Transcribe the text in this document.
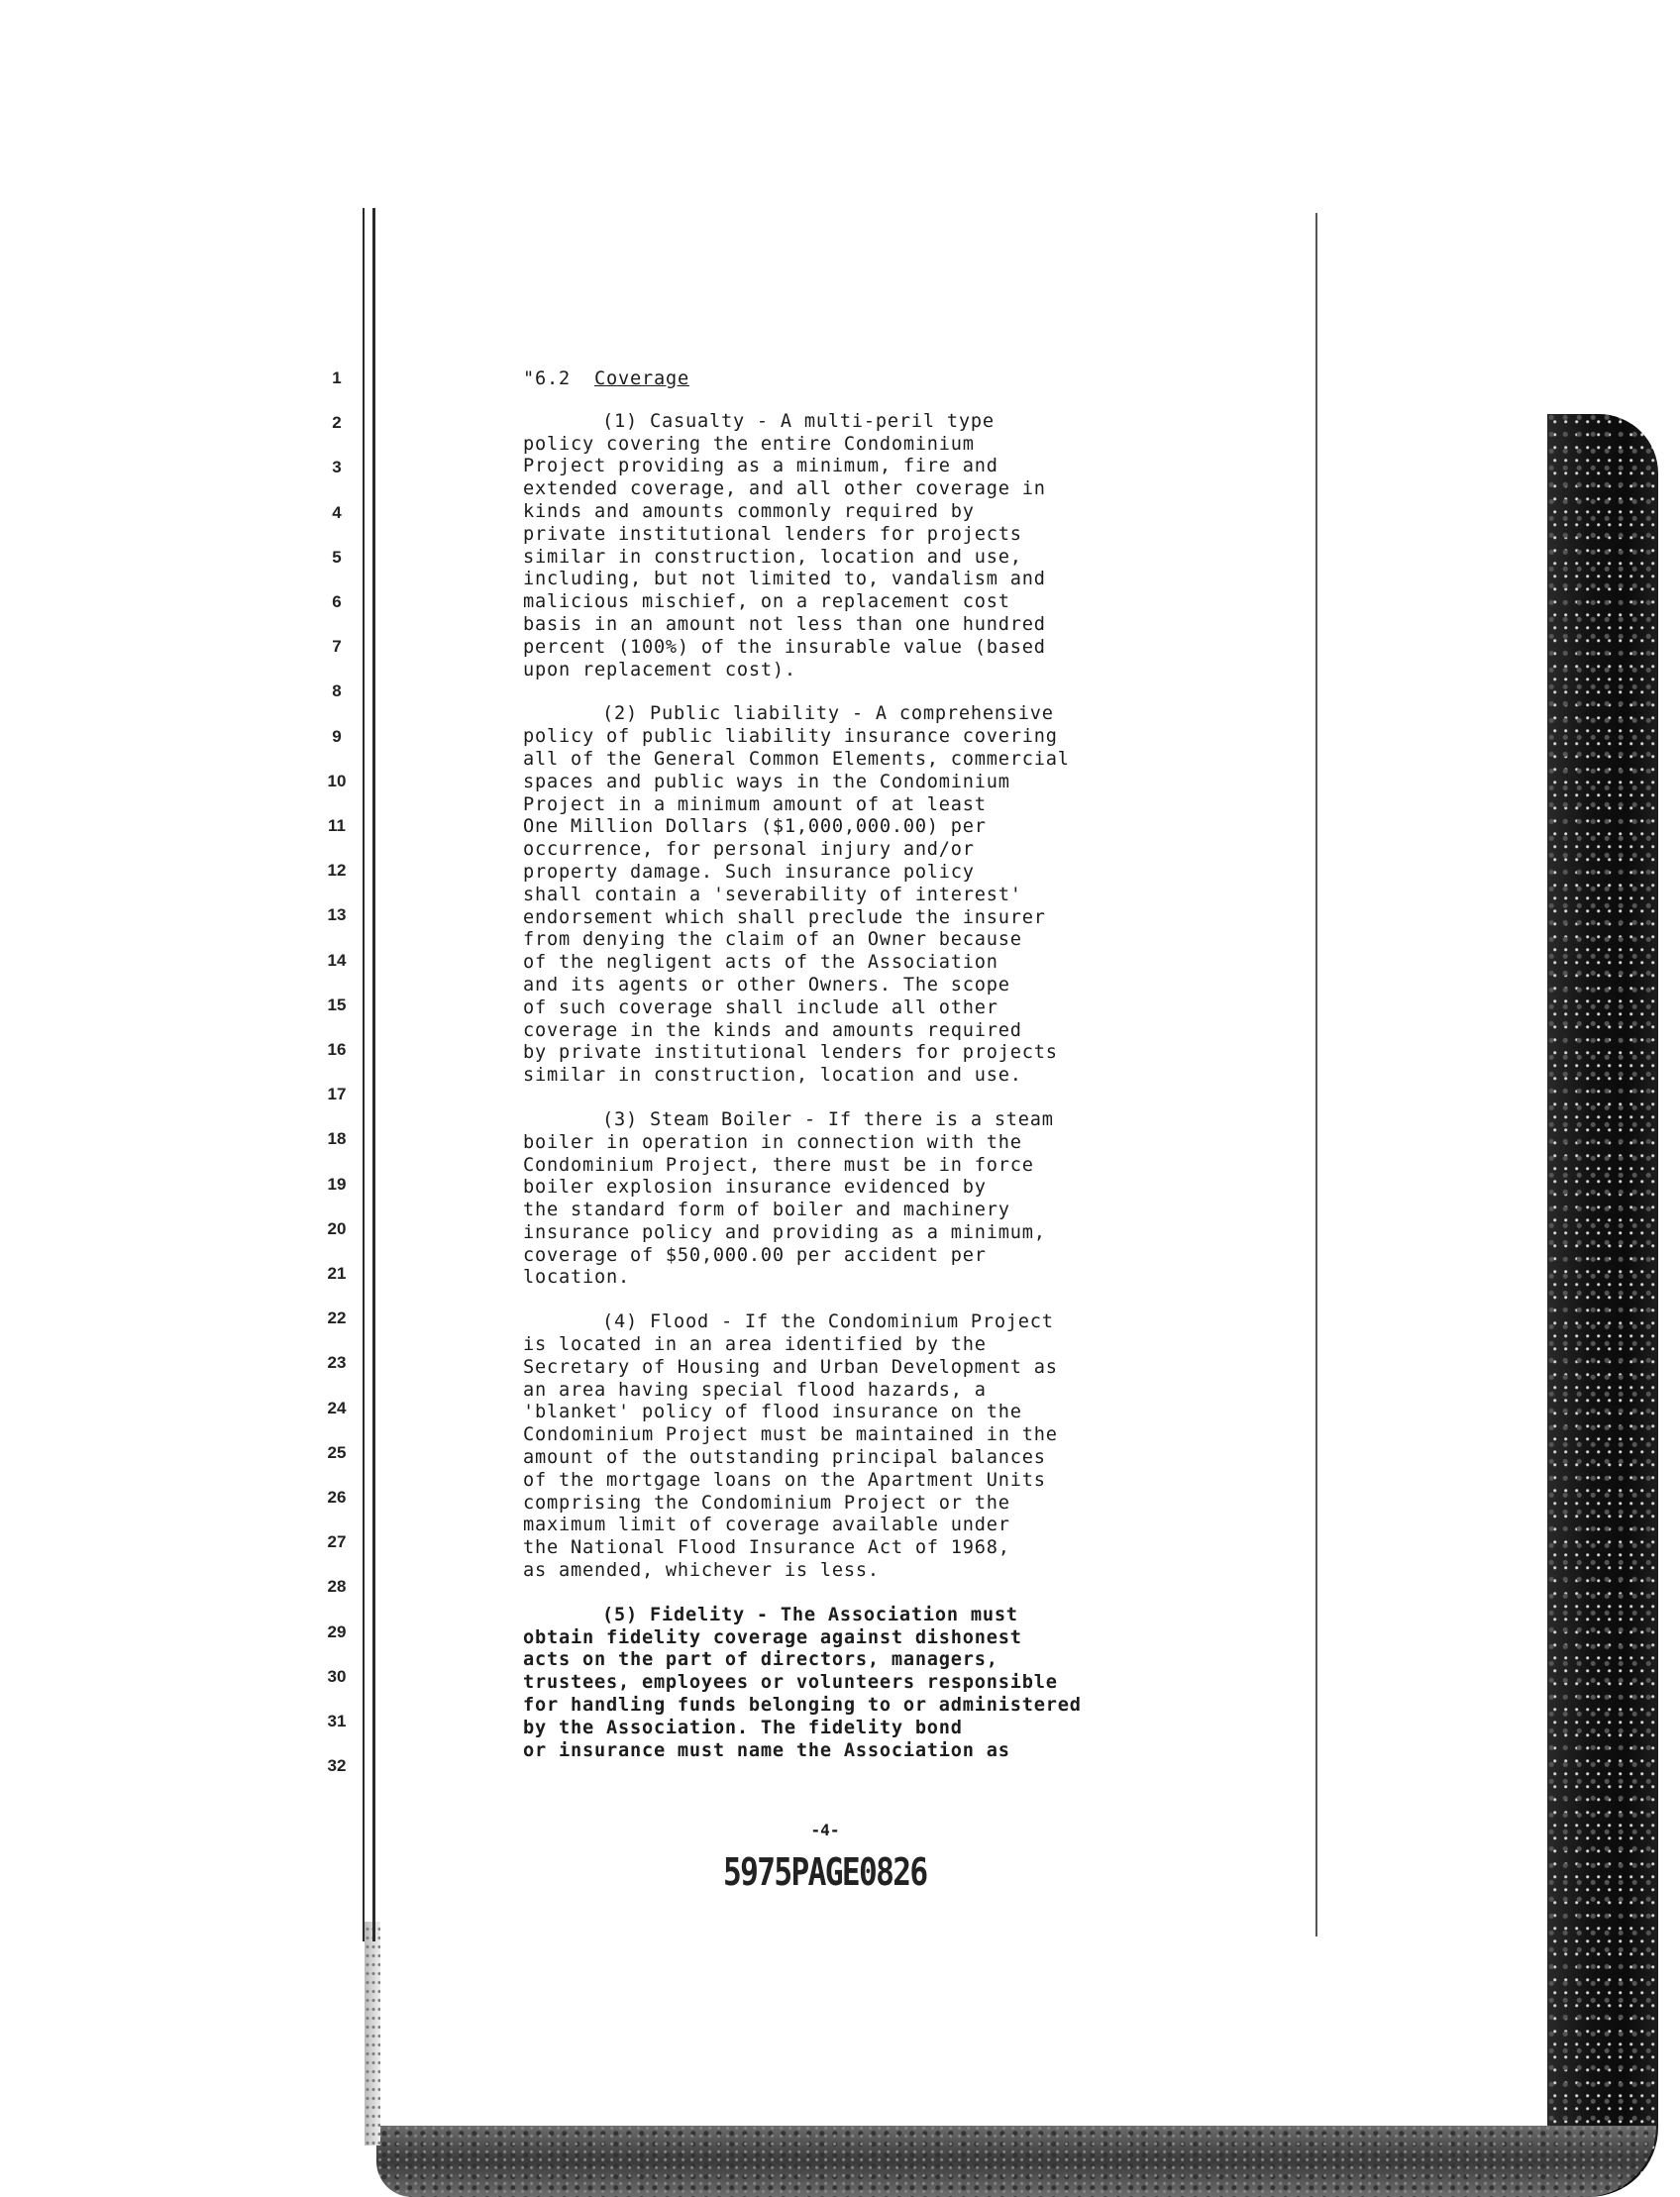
1
2
3
4
5
6
7
8
9
10
11
12
13
14
15
16
17
18
19
20
21
22
23
24
25
26
27
28
29
30
31
32

"6.2 Coverage

(1) Casualty - A multi-peril type
policy covering the entire Condominium
Project providing as a minimum, fire and
extended coverage, and all other coverage in
kinds and amounts commonly required by
private institutional lenders for projects
similar in construction, location and use,
including, but not limited to, vandalism and
malicious mischief, on a replacement cost
basis in an amount not less than one hundred
percent (100%) of the insurable value (based
upon replacement cost).

(2) Public liability - A comprehensive
policy of public liability insurance covering
all of the General Common Elements, commercial
spaces and public ways in the Condominium
Project in a minimum amount of at least
One Million Dollars ($1,000,000.00) per
occurrence, for personal injury and/or
property damage. Such insurance policy
shall contain a 'severability of interest'
endorsement which shall preclude the insurer
from denying the claim of an Owner because
of the negligent acts of the Association
and its agents or other Owners. The scope
of such coverage shall include all other
coverage in the kinds and amounts required
by private institutional lenders for projects
similar in construction, location and use.

(3) Steam Boiler - If there is a steam
boiler in operation in connection with the
Condominium Project, there must be in force
boiler explosion insurance evidenced by
the standard form of boiler and machinery
insurance policy and providing as a minimum,
coverage of $50,000.00 per accident per
location.

(4) Flood - If the Condominium Project
is located in an area identified by the
Secretary of Housing and Urban Development as
an area having special flood hazards, a
'blanket' policy of flood insurance on the
Condominium Project must be maintained in the
amount of the outstanding principal balances
of the mortgage loans on the Apartment Units
comprising the Condominium Project or the
maximum limit of coverage available under
the National Flood Insurance Act of 1968,
as amended, whichever is less.

(5) Fidelity - The Association must
obtain fidelity coverage against dishonest
acts on the part of directors, managers,
trustees, employees or volunteers responsible
for handling funds belonging to or administered
by the Association. The fidelity bond
or insurance must name the Association as

-4-
5975PAGE0826
